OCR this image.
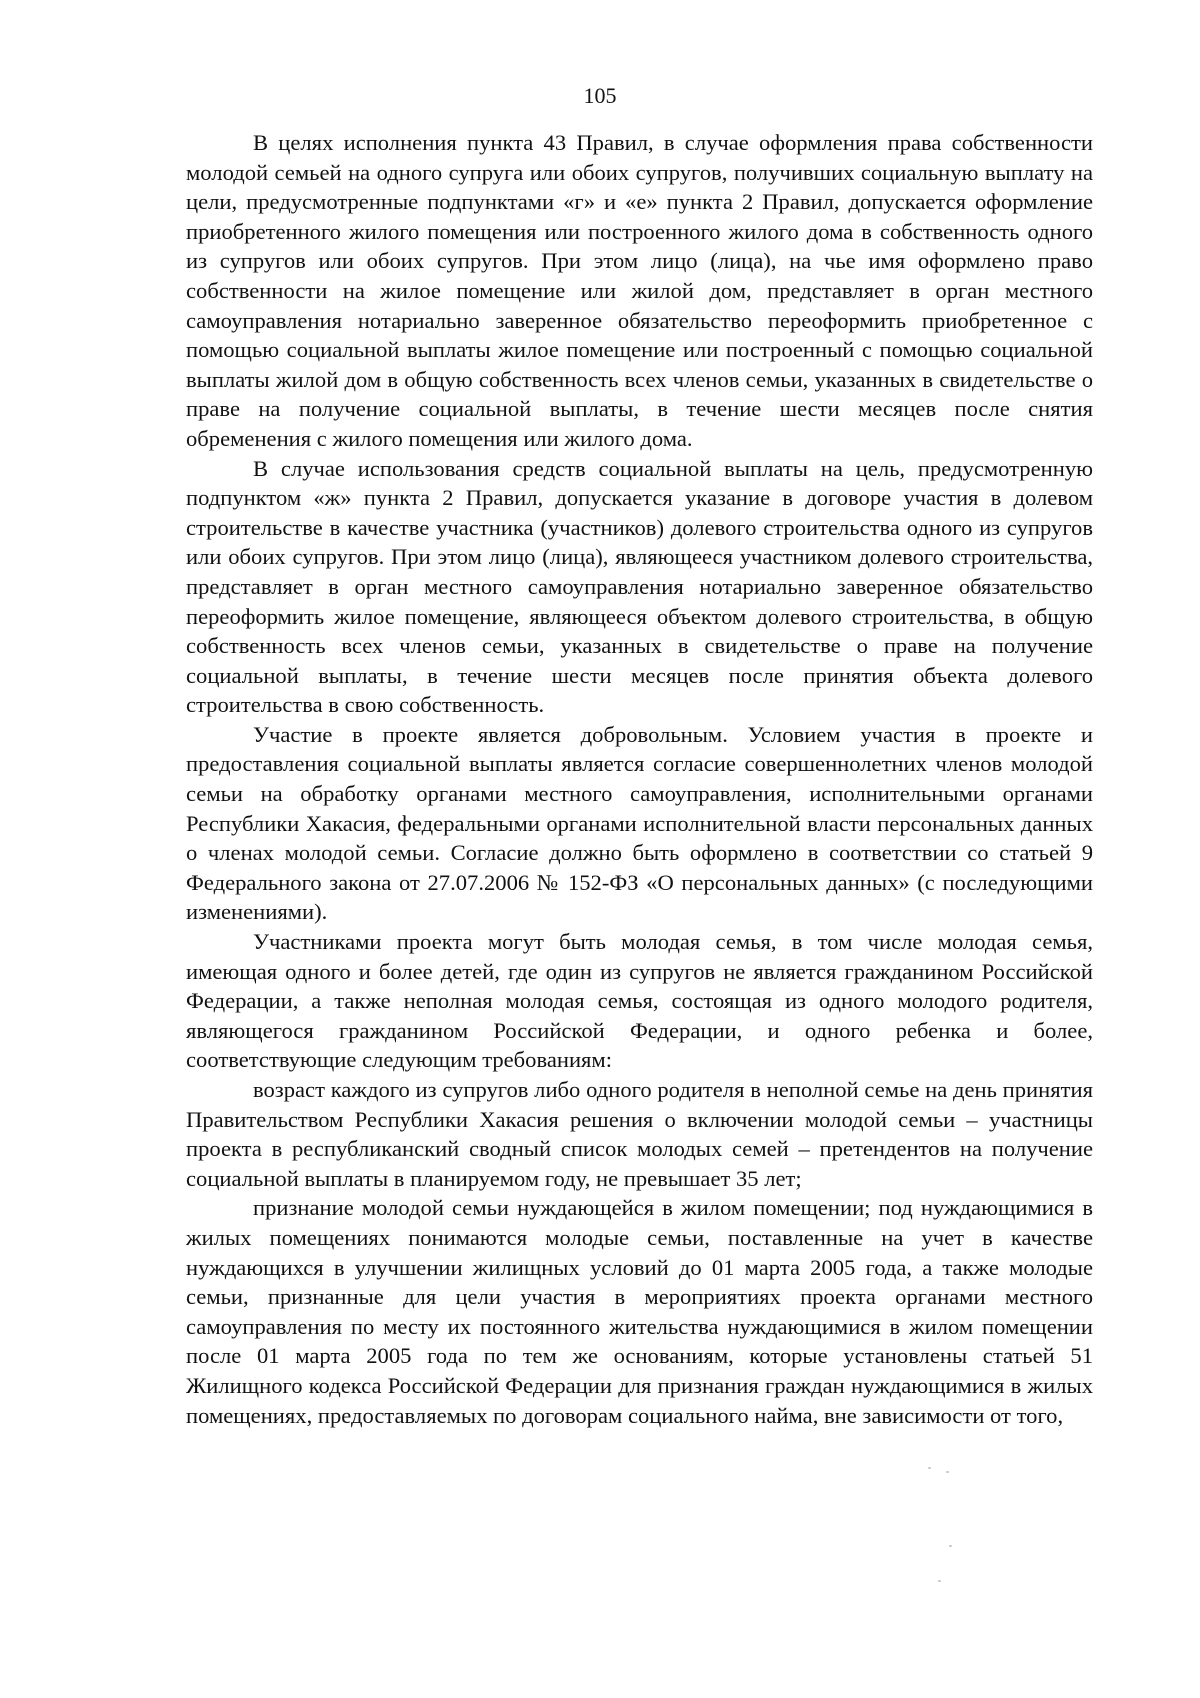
105

В целях исполнения пункта 43 Правил, в случае оформления права собственности молодой семьей на одного супруга или обоих супругов, получивших социальную выплату на цели, предусмотренные подпунктами «г» и «е» пункта 2 Правил, допускается оформление приобретенного жилого помещения или построенного жилого дома в собственность одного из супругов или обоих супругов. При этом лицо (лица), на чье имя оформлено право собственности на жилое помещение или жилой дом, представляет в орган местного самоуправления нотариально заверенное обязательство переоформить приобретенное с помощью социальной выплаты жилое помещение или построенный с помощью социальной выплаты жилой дом в общую собственность всех членов семьи, указанных в свидетельстве о праве на получение социальной выплаты, в течение шести месяцев после снятия обременения с жилого помещения или жилого дома.

В случае использования средств социальной выплаты на цель, предусмотренную подпунктом «ж» пункта 2 Правил, допускается указание в договоре участия в долевом строительстве в качестве участника (участников) долевого строительства одного из супругов или обоих супругов. При этом лицо (лица), являющееся участником долевого строительства, представляет в орган местного самоуправления нотариально заверенное обязательство переоформить жилое помещение, являющееся объектом долевого строительства, в общую собственность всех членов семьи, указанных в свидетельстве о праве на получение социальной выплаты, в течение шести месяцев после принятия объекта долевого строительства в свою собственность.

Участие в проекте является добровольным. Условием участия в проекте и предоставления социальной выплаты является согласие совершеннолетних членов молодой семьи на обработку органами местного самоуправления, исполнительными органами Республики Хакасия, федеральными органами исполнительной власти персональных данных о членах молодой семьи. Согласие должно быть оформлено в соответствии со статьей 9 Федерального закона от 27.07.2006 № 152-ФЗ «О персональных данных» (с последующими изменениями).

Участниками проекта могут быть молодая семья, в том числе молодая семья, имеющая одного и более детей, где один из супругов не является гражданином Российской Федерации, а также неполная молодая семья, состоящая из одного молодого родителя, являющегося гражданином Российской Федерации, и одного ребенка и более, соответствующие следующим требованиям:

возраст каждого из супругов либо одного родителя в неполной семье на день принятия Правительством Республики Хакасия решения о включении молодой семьи – участницы проекта в республиканский сводный список молодых семей – претендентов на получение социальной выплаты в планируемом году, не превышает 35 лет;

признание молодой семьи нуждающейся в жилом помещении; под нуждающимися в жилых помещениях понимаются молодые семьи, поставленные на учет в качестве нуждающихся в улучшении жилищных условий до 01 марта 2005 года, а также молодые семьи, признанные для цели участия в мероприятиях проекта органами местного самоуправления по месту их постоянного жительства нуждающимися в жилом помещении после 01 марта 2005 года по тем же основаниям, которые установлены статьей 51 Жилищного кодекса Российской Федерации для признания граждан нуждающимися в жилых помещениях, предоставляемых по договорам социального найма, вне зависимости от того,
